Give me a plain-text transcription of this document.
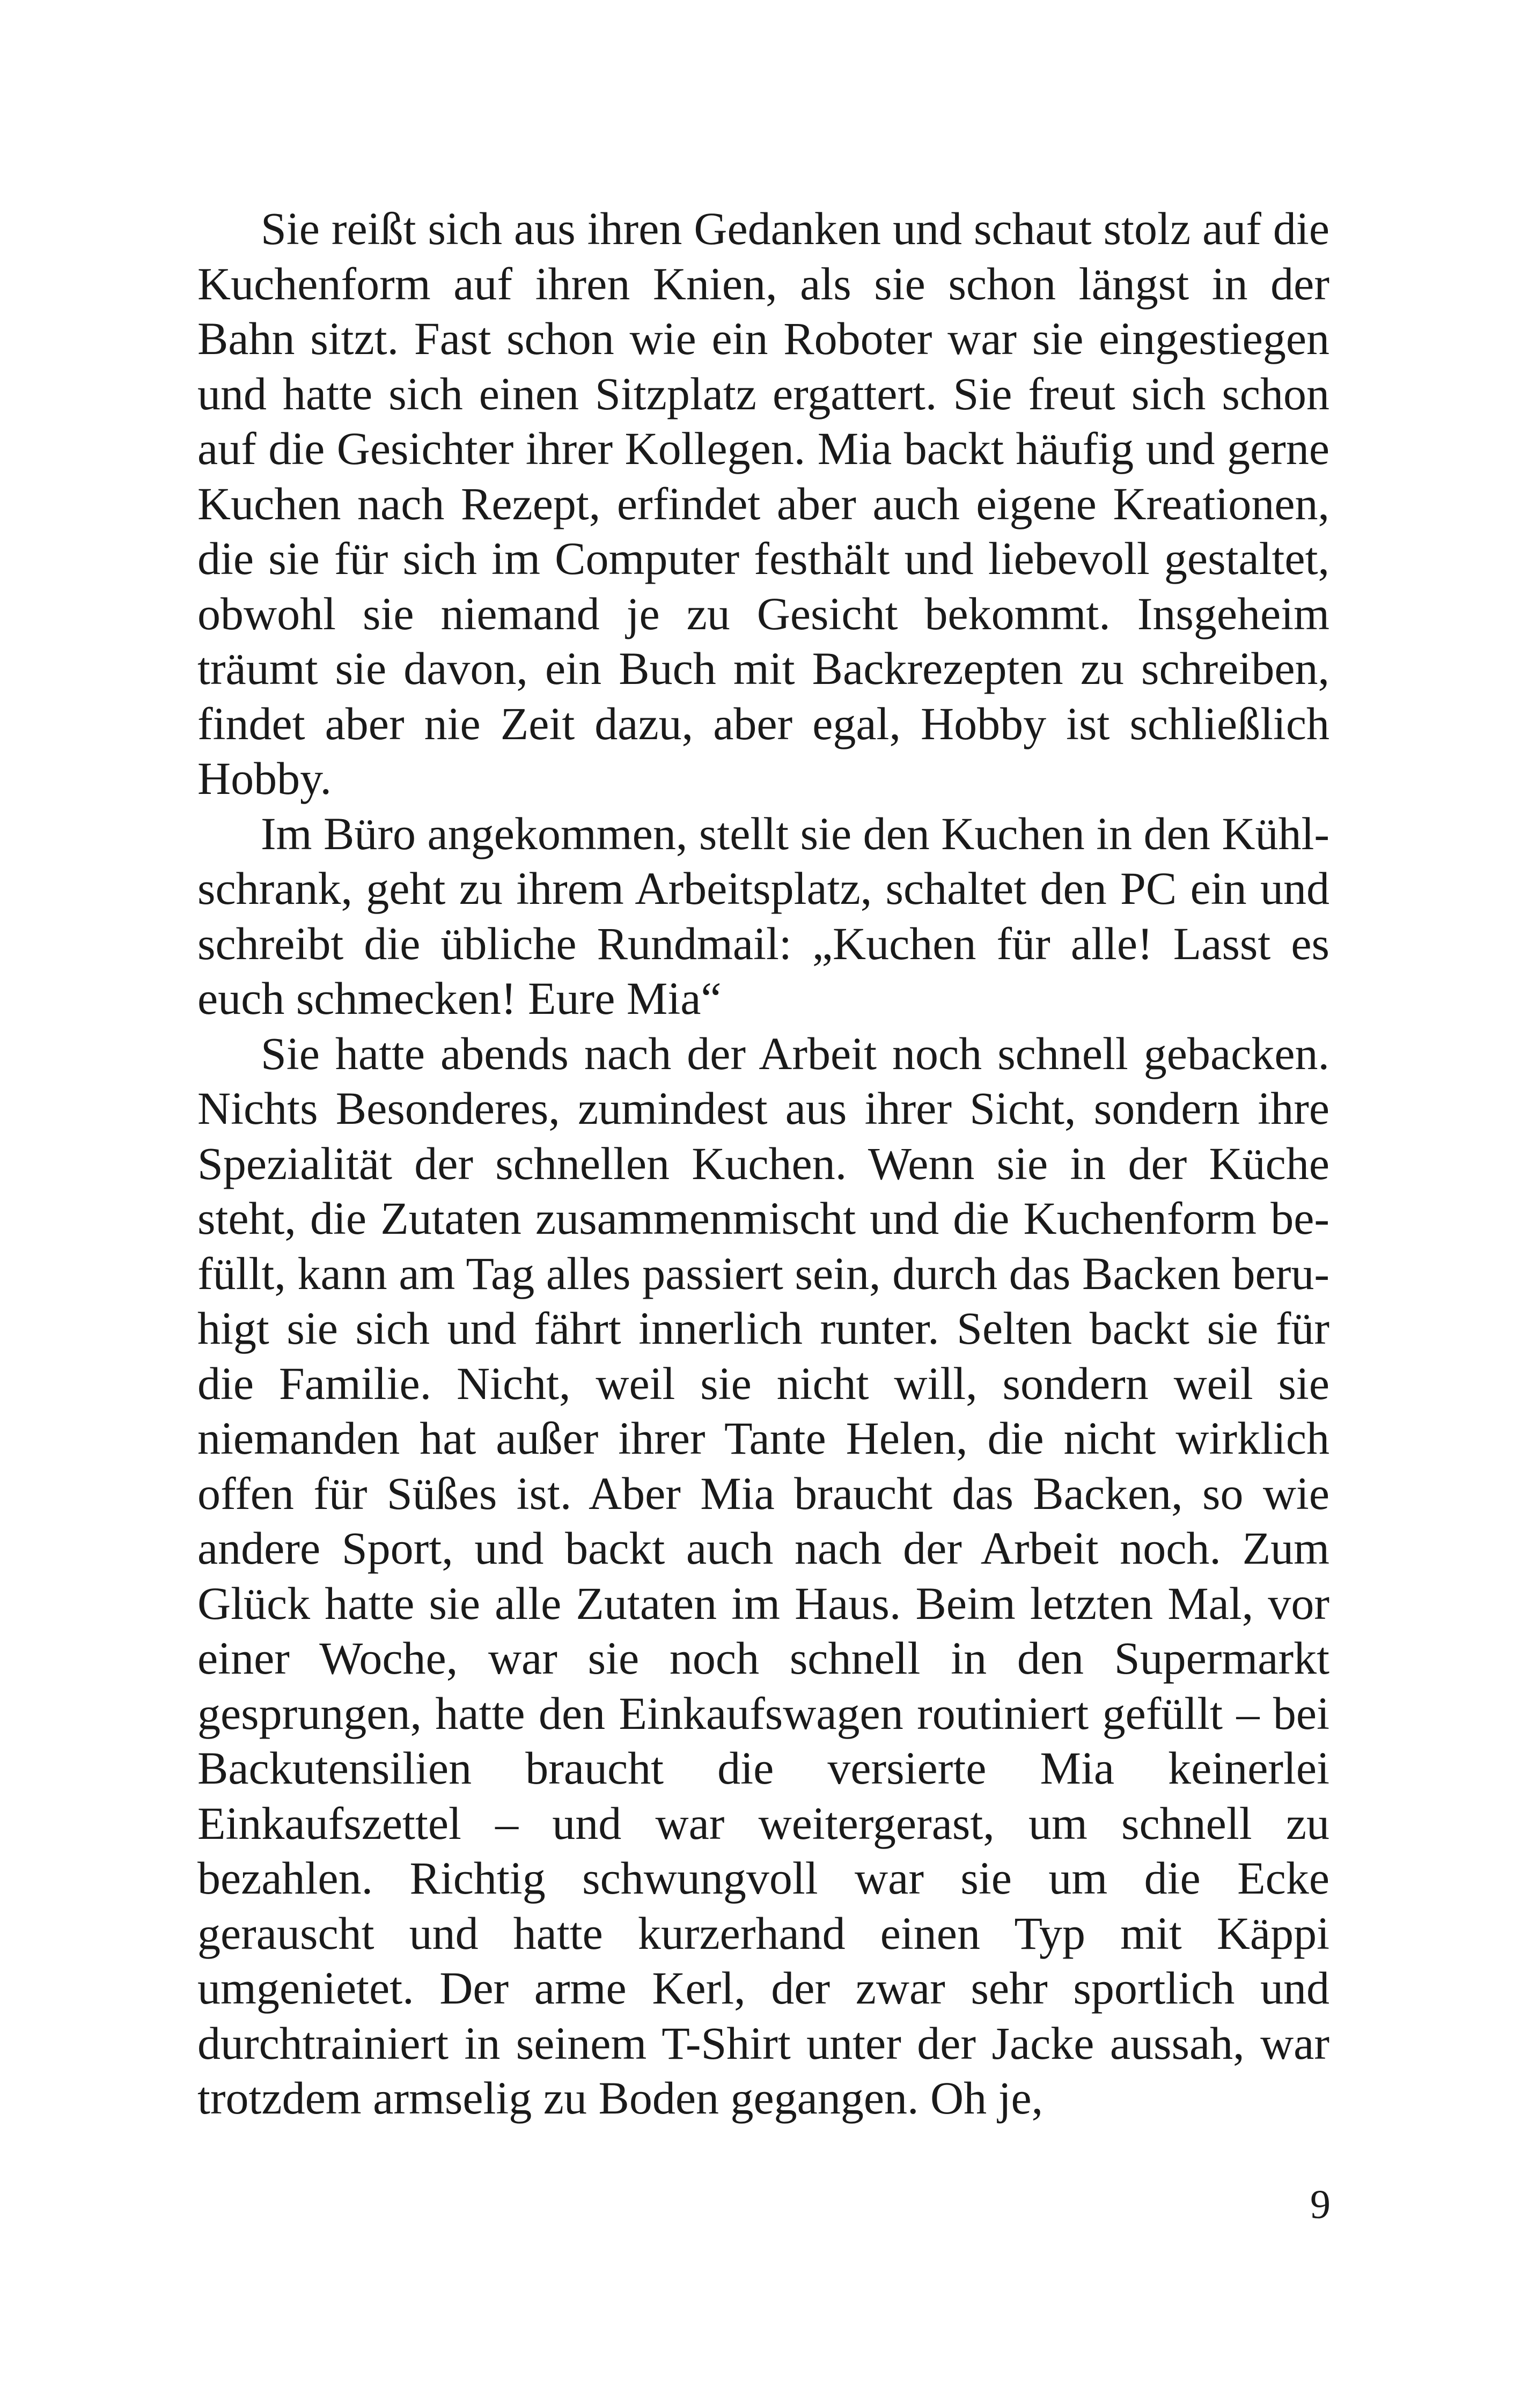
Sie reißt sich aus ihren Gedanken und schaut stolz auf die Kuchenform auf ihren Knien, als sie schon längst in der Bahn sitzt. Fast schon wie ein Roboter war sie eingestiegen und hatte sich einen Sitzplatz ergattert. Sie freut sich schon auf die Gesichter ihrer Kollegen. Mia backt häufig und gerne Kuchen nach Rezept, erfindet aber auch eigene Kreationen, die sie für sich im Computer festhält und liebevoll gestaltet, obwohl sie niemand je zu Gesicht bekommt. Insgeheim träumt sie davon, ein Buch mit Backrezepten zu schreiben, findet aber nie Zeit dazu, aber egal, Hobby ist schließlich Hobby.

Im Büro angekommen, stellt sie den Kuchen in den Kühlschrank, geht zu ihrem Arbeitsplatz, schaltet den PC ein und schreibt die übliche Rundmail: „Kuchen für alle! Lasst es euch schmecken! Eure Mia“

Sie hatte abends nach der Arbeit noch schnell gebacken. Nichts Besonderes, zumindest aus ihrer Sicht, sondern ihre Spezialität der schnellen Kuchen. Wenn sie in der Küche steht, die Zutaten zusammenmischt und die Kuchenform befüllt, kann am Tag alles passiert sein, durch das Backen beruhigt sie sich und fährt innerlich runter. Selten backt sie für die Familie. Nicht, weil sie nicht will, sondern weil sie niemanden hat außer ihrer Tante Helen, die nicht wirklich offen für Süßes ist. Aber Mia braucht das Backen, so wie andere Sport, und backt auch nach der Arbeit noch. Zum Glück hatte sie alle Zutaten im Haus. Beim letzten Mal, vor einer Woche, war sie noch schnell in den Supermarkt gesprungen, hatte den Einkaufswagen routiniert gefüllt – bei Backutensilien braucht die versierte Mia keinerlei Einkaufszettel – und war weitergerast, um schnell zu bezahlen. Richtig schwungvoll war sie um die Ecke gerauscht und hatte kurzerhand einen Typ mit Käppi umgenietet. Der arme Kerl, der zwar sehr sportlich und durchtrainiert in seinem T-Shirt unter der Jacke aussah, war trotzdem armselig zu Boden gegangen. Oh je,

9
